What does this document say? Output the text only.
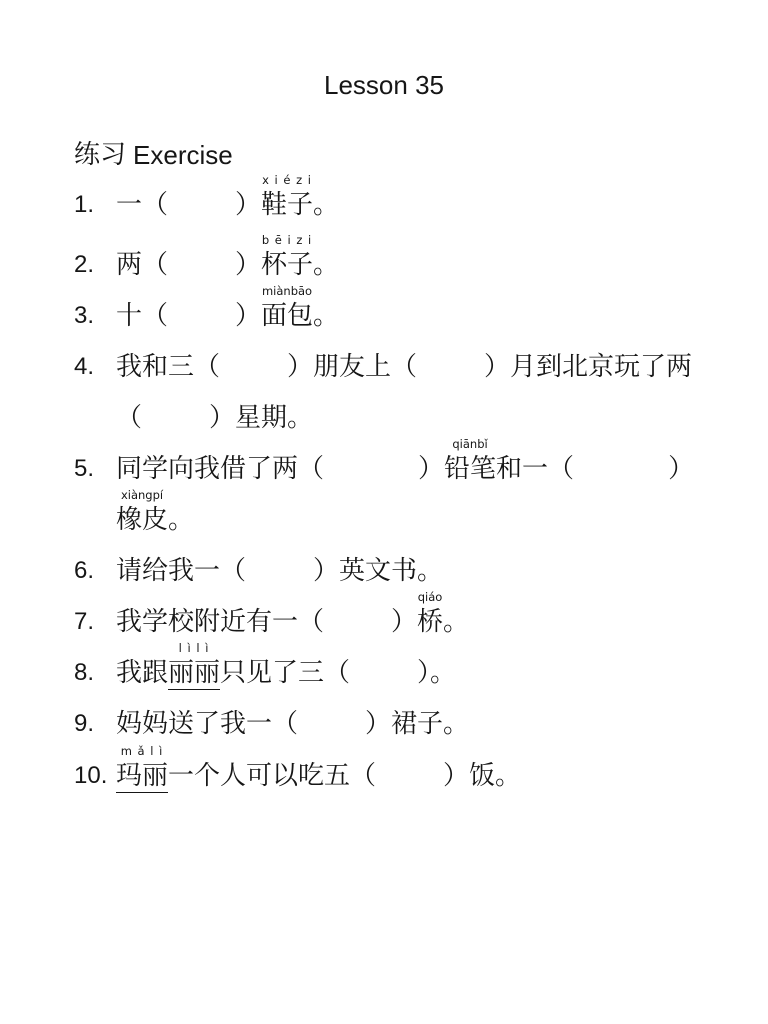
Lesson 35
练习 Exercise
1. 一（	）
x i é z i
鞋子 。
2. 两（	）
b ē i z i
杯子 。
3. 十（	）
miànbāo
面包 。
4. 我和三（	）朋友上（	）月到北京玩了两
（	）星期。
5. 同学向我借了两（	）
qiānbǐ
铅笔 和一（	）
xiàngpí
橡皮 。
6. 请给我一（	）英文书。
7. 我学校附近有一（	）
qiáo
桥 。
8. 我跟
l ì l ì
丽丽 只见了三（	）。
9. 妈妈送了我一（	）裙子。
10.
m ǎ l ì
玛丽 一个人可以吃五（	）饭。
